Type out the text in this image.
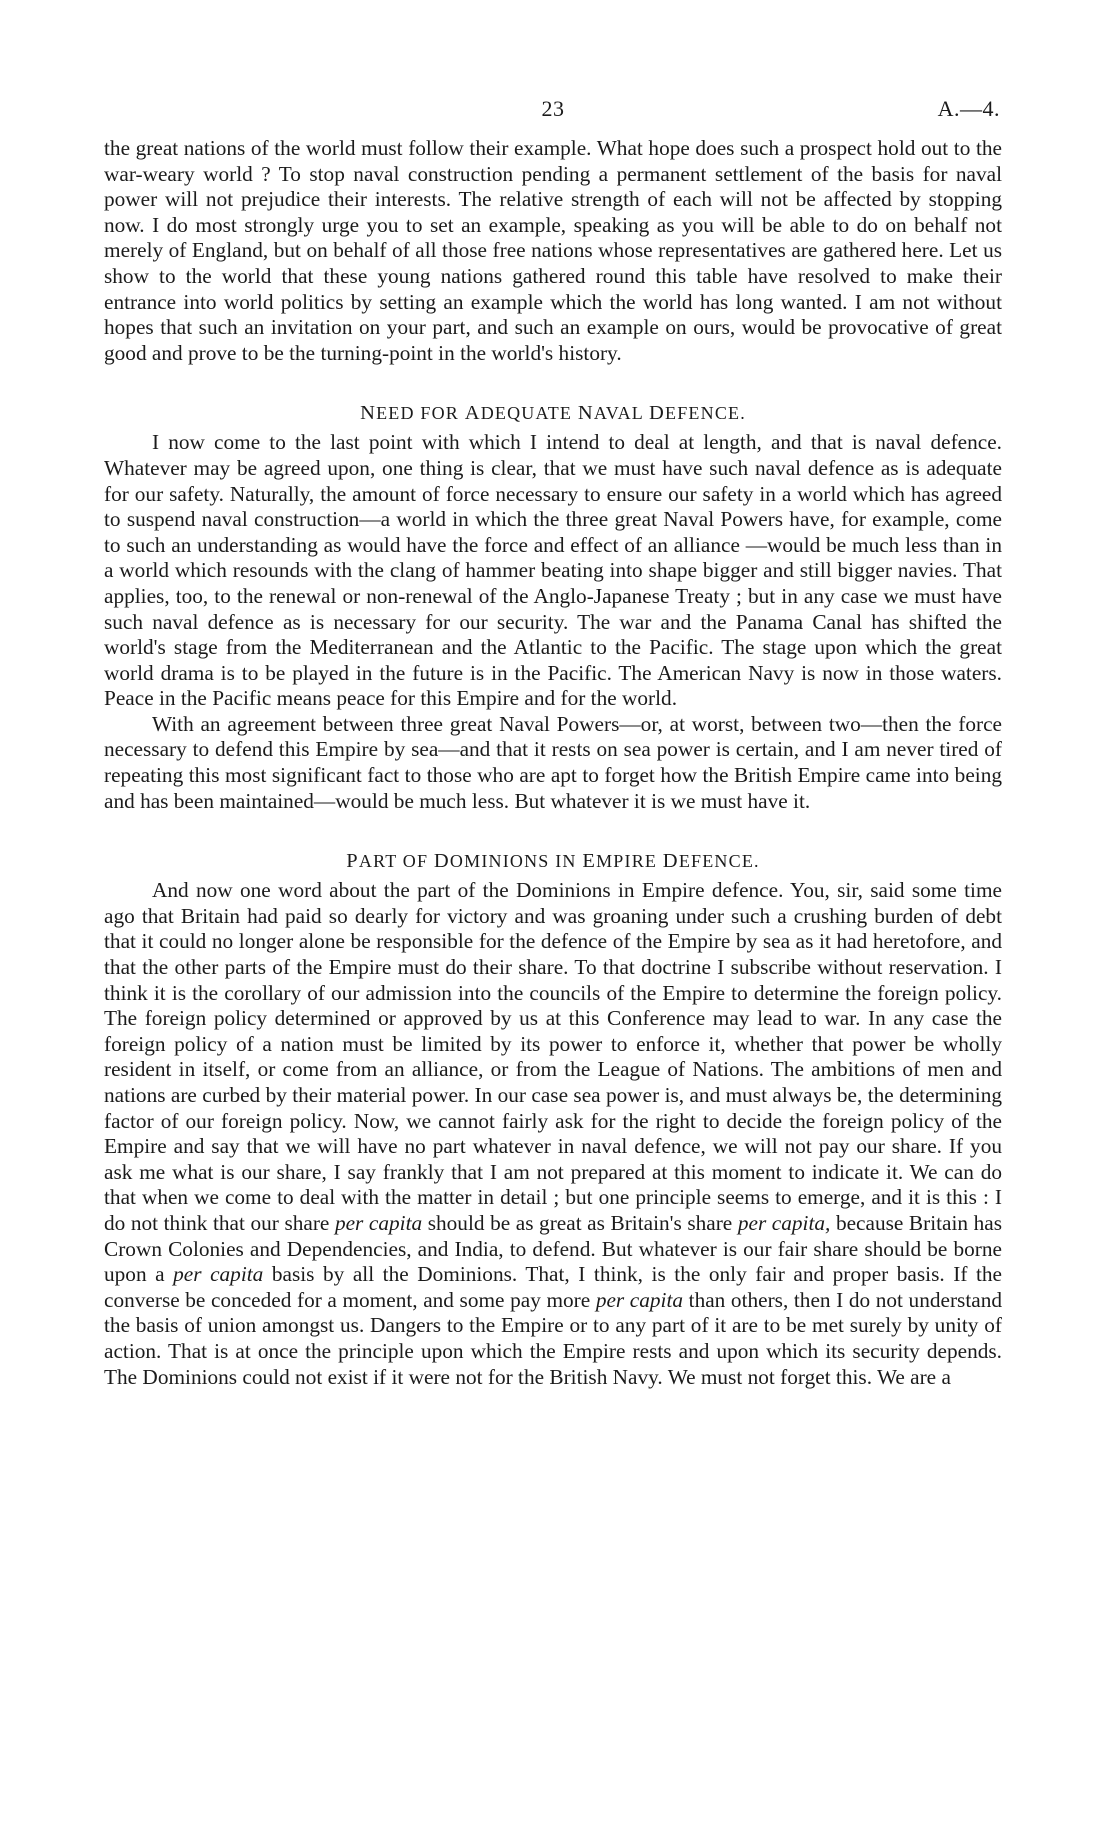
23	A.—4.

the great nations of the world must follow their example. What hope does such a prospect hold out to the war-weary world ? To stop naval construction pending a permanent settlement of the basis for naval power will not prejudice their interests. The relative strength of each will not be affected by stopping now. I do most strongly urge you to set an example, speaking as you will be able to do on behalf not merely of England, but on behalf of all those free nations whose representatives are gathered here. Let us show to the world that these young nations gathered round this table have resolved to make their entrance into world politics by setting an example which the world has long wanted. I am not without hopes that such an invitation on your part, and such an example on ours, would be provocative of great good and prove to be the turning-point in the world's history.

NEED FOR ADEQUATE NAVAL DEFENCE.

I now come to the last point with which I intend to deal at length, and that is naval defence. Whatever may be agreed upon, one thing is clear, that we must have such naval defence as is adequate for our safety. Naturally, the amount of force necessary to ensure our safety in a world which has agreed to suspend naval construction—a world in which the three great Naval Powers have, for example, come to such an understanding as would have the force and effect of an alliance —would be much less than in a world which resounds with the clang of hammer beating into shape bigger and still bigger navies. That applies, too, to the renewal or non-renewal of the Anglo-Japanese Treaty ; but in any case we must have such naval defence as is necessary for our security. The war and the Panama Canal has shifted the world's stage from the Mediterranean and the Atlantic to the Pacific. The stage upon which the great world drama is to be played in the future is in the Pacific. The American Navy is now in those waters. Peace in the Pacific means peace for this Empire and for the world.

With an agreement between three great Naval Powers—or, at worst, between two—then the force necessary to defend this Empire by sea—and that it rests on sea power is certain, and I am never tired of repeating this most significant fact to those who are apt to forget how the British Empire came into being and has been maintained—would be much less. But whatever it is we must have it.

PART OF DOMINIONS IN EMPIRE DEFENCE.

And now one word about the part of the Dominions in Empire defence. You, sir, said some time ago that Britain had paid so dearly for victory and was groaning under such a crushing burden of debt that it could no longer alone be responsible for the defence of the Empire by sea as it had heretofore, and that the other parts of the Empire must do their share. To that doctrine I subscribe without reservation. I think it is the corollary of our admission into the councils of the Empire to determine the foreign policy. The foreign policy determined or approved by us at this Conference may lead to war. In any case the foreign policy of a nation must be limited by its power to enforce it, whether that power be wholly resident in itself, or come from an alliance, or from the League of Nations. The ambitions of men and nations are curbed by their material power. In our case sea power is, and must always be, the determining factor of our foreign policy. Now, we cannot fairly ask for the right to decide the foreign policy of the Empire and say that we will have no part whatever in naval defence, we will not pay our share. If you ask me what is our share, I say frankly that I am not prepared at this moment to indicate it. We can do that when we come to deal with the matter in detail ; but one principle seems to emerge, and it is this : I do not think that our share per capita should be as great as Britain's share per capita, because Britain has Crown Colonies and Dependencies, and India, to defend. But whatever is our fair share should be borne upon a per capita basis by all the Dominions. That, I think, is the only fair and proper basis. If the converse be conceded for a moment, and some pay more per capita than others, then I do not understand the basis of union amongst us. Dangers to the Empire or to any part of it are to be met surely by unity of action. That is at once the principle upon which the Empire rests and upon which its security depends. The Dominions could not exist if it were not for the British Navy. We must not forget this. We are a
